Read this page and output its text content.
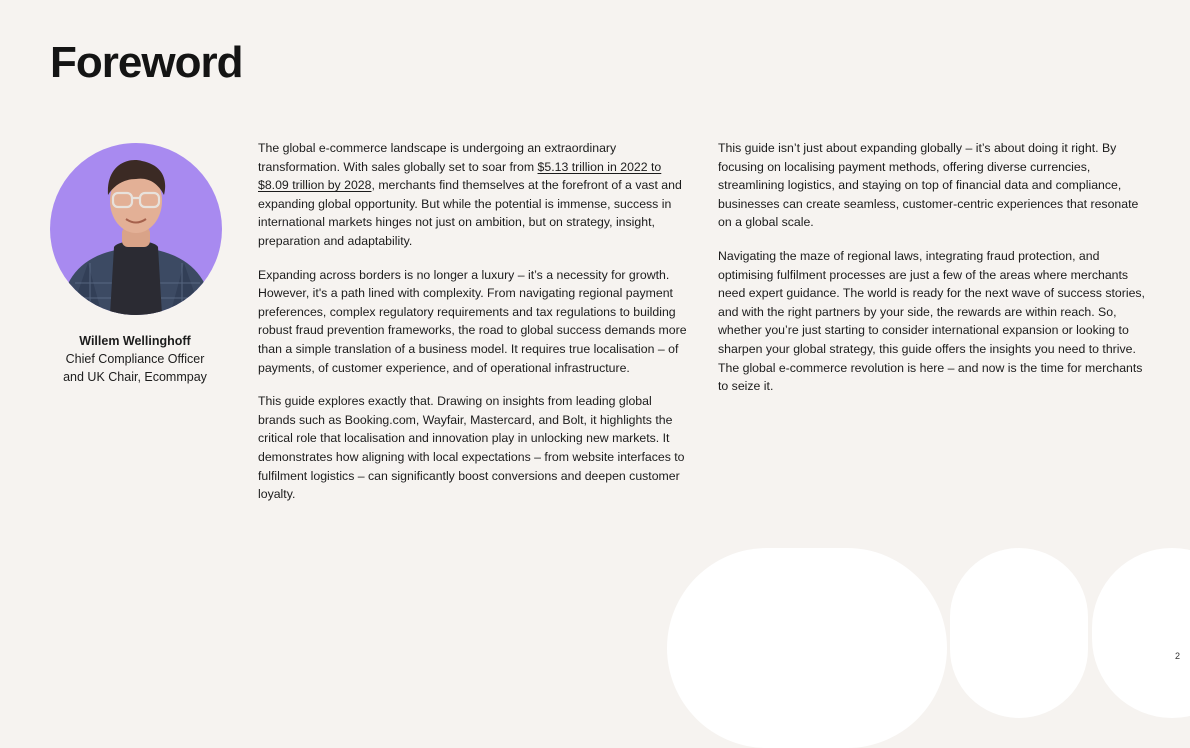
Foreword
Willem Wellinghoff
Chief Compliance Officer
and UK Chair, Ecommpay

The global e-commerce landscape is undergoing an extraordinary transformation. With sales globally set to soar from $5.13 trillion in 2022 to $8.09 trillion by 2028, merchants find themselves at the forefront of a vast and expanding global opportunity. But while the potential is immense, success in international markets hinges not just on ambition, but on strategy, insight, preparation and adaptability.

Expanding across borders is no longer a luxury – it’s a necessity for growth. However, it's a path lined with complexity. From navigating regional payment preferences, complex regulatory requirements and tax regulations to building robust fraud prevention frameworks, the road to global success demands more than a simple translation of a business model. It requires true localisation – of payments, of customer experience, and of operational infrastructure.

This guide explores exactly that. Drawing on insights from leading global brands such as Booking.com, Wayfair, Mastercard, and Bolt, it highlights the critical role that localisation and innovation play in unlocking new markets. It demonstrates how aligning with local expectations – from website interfaces to fulfilment logistics – can significantly boost conversions and deepen customer loyalty.

This guide isn’t just about expanding globally – it’s about doing it right. By focusing on localising payment methods, offering diverse currencies, streamlining logistics, and staying on top of financial data and compliance, businesses can create seamless, customer-centric experiences that resonate on a global scale.

Navigating the maze of regional laws, integrating fraud protection, and optimising fulfilment processes are just a few of the areas where merchants need expert guidance. The world is ready for the next wave of success stories, and with the right partners by your side, the rewards are within reach. So, whether you’re just starting to consider international expansion or looking to sharpen your global strategy, this guide offers the insights you need to thrive. The global e-commerce revolution is here – and now is the time for merchants to seize it.

2
